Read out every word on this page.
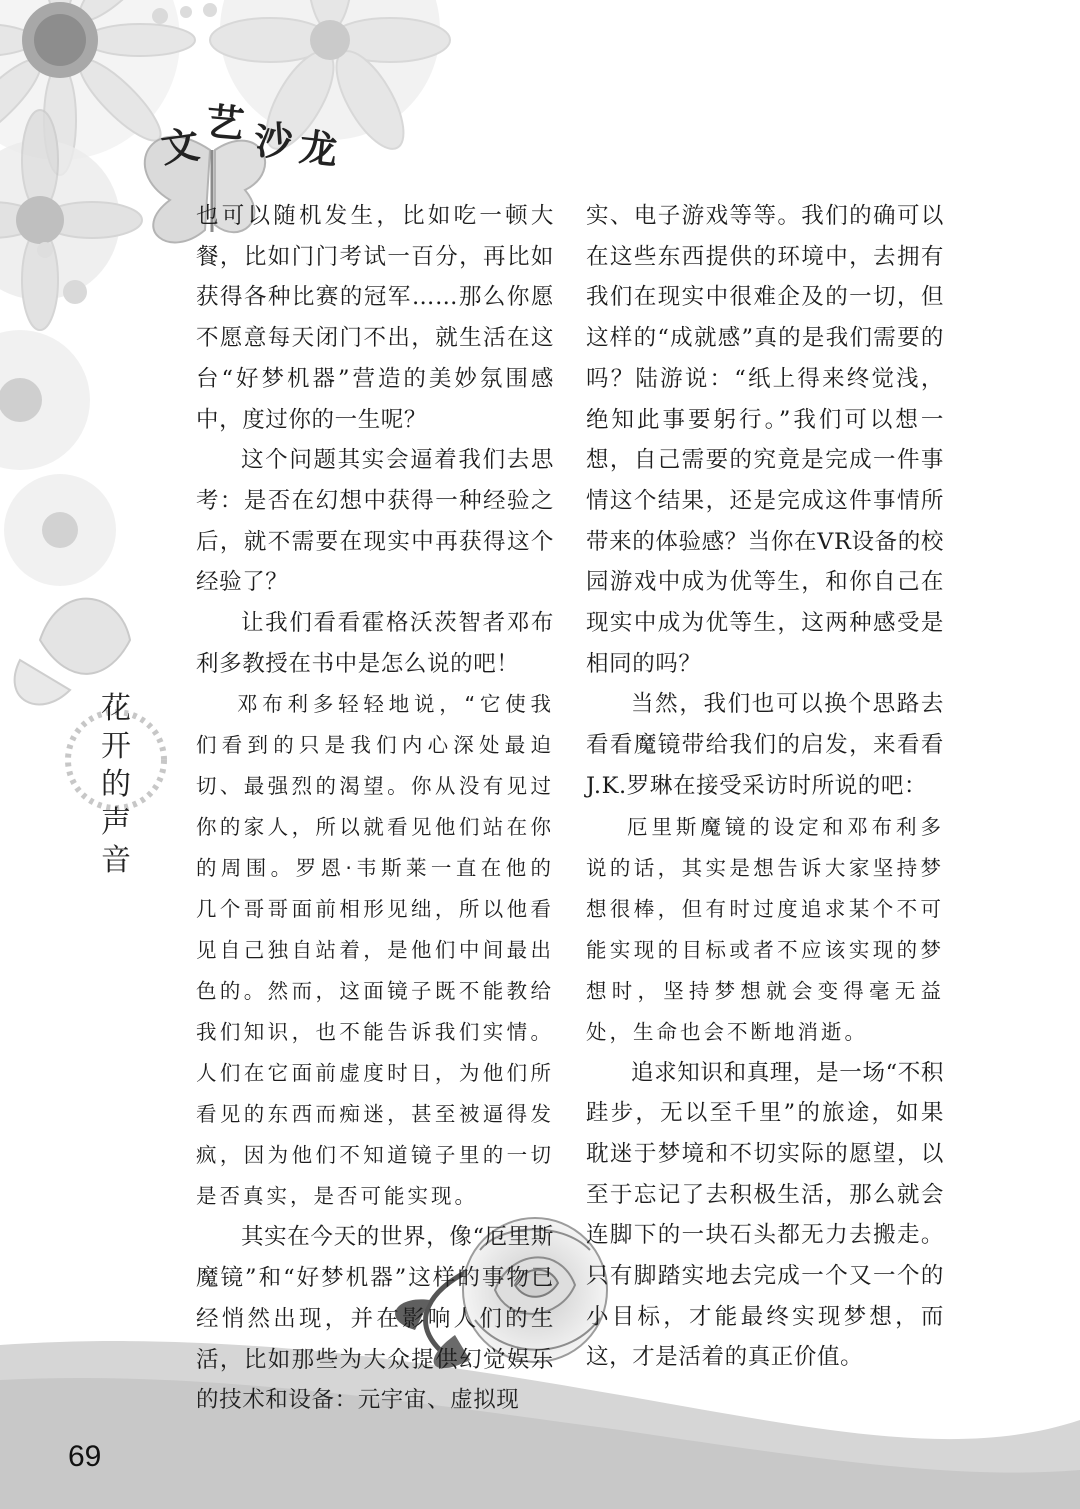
文艺 沙龙
花开的声音

也可以随机发生，比如吃一顿大餐，比如门门考试一百分，再比如获得各种比赛的冠军……那么你愿不愿意每天闭门不出，就生活在这台“好梦机器”营造的美妙氛围感中，度过你的一生呢？

这个问题其实会逼着我们去思考：是否在幻想中获得一种经验之后，就不需要在现实中再获得这个经验了？

让我们看看霍格沃茨智者邓布利多教授在书中是怎么说的吧！

邓布利多轻轻地说，“它使我们看到的只是我们内心深处最迫切、最强烈的渴望。你从没有见过你的家人，所以就看见他们站在你的周围。罗恩·韦斯莱一直在他的几个哥哥面前相形见绌，所以他看见自己独自站着，是他们中间最出色的。然而，这面镜子既不能教给我们知识，也不能告诉我们实情。人们在它面前虚度时日，为他们所看见的东西而痴迷，甚至被逼得发疯，因为他们不知道镜子里的一切是否真实，是否可能实现。

其实在今天的世界，像“厄里斯魔镜”和“好梦机器”这样的事物已经悄然出现，并在影响人们的生活，比如那些为大众提供幻觉娱乐的技术和设备：元宇宙、虚拟现

实、电子游戏等等。我们的确可以在这些东西提供的环境中，去拥有我们在现实中很难企及的一切，但这样的“成就感”真的是我们需要的吗？陆游说：“纸上得来终觉浅，绝知此事要躬行。”我们可以想一想，自己需要的究竟是完成一件事情这个结果，还是完成这件事情所带来的体验感？当你在VR设备的校园游戏中成为优等生，和你自己在现实中成为优等生，这两种感受是相同的吗？

当然，我们也可以换个思路去看看魔镜带给我们的启发，来看看J.K.罗琳在接受采访时所说的吧：

厄里斯魔镜的设定和邓布利多说的话，其实是想告诉大家坚持梦想很棒，但有时过度追求某个不可能实现的目标或者不应该实现的梦想时，坚持梦想就会变得毫无益处，生命也会不断地消逝。

追求知识和真理，是一场“不积跬步，无以至千里”的旅途，如果耽迷于梦境和不切实际的愿望，以至于忘记了去积极生活，那么就会连脚下的一块石头都无力去搬走。只有脚踏实地去完成一个又一个的小目标，才能最终实现梦想，而这，才是活着的真正价值。

69
